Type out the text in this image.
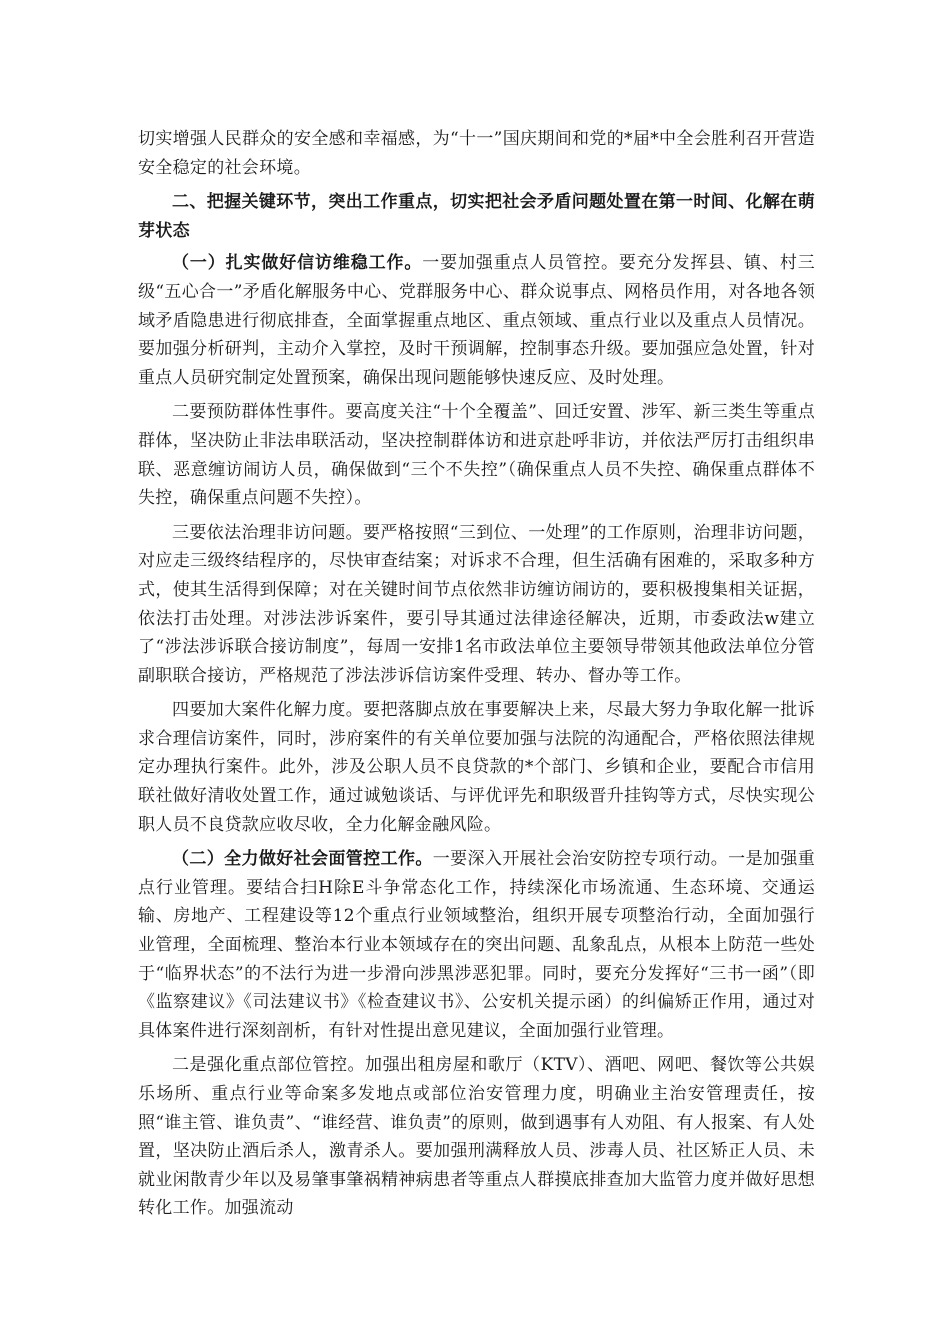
切实增强人民群众的安全感和幸福感，为“十一”国庆期间和党的*届*中全会胜利召开营造安全稳定的社会环境。

二、把握关键环节，突出工作重点，切实把社会矛盾问题处置在第一时间、化解在萌芽状态

（一）扎实做好信访维稳工作。一要加强重点人员管控。要充分发挥县、镇、村三级“五心合一”矛盾化解服务中心、党群服务中心、群众说事点、网格员作用，对各地各领域矛盾隐患进行彻底排查，全面掌握重点地区、重点领域、重点行业以及重点人员情况。要加强分析研判，主动介入掌控，及时干预调解，控制事态升级。要加强应急处置，针对重点人员研究制定处置预案，确保出现问题能够快速反应、及时处理。

二要预防群体性事件。要高度关注“十个全覆盖”、回迁安置、涉军、新三类生等重点群体，坚决防止非法串联活动，坚决控制群体访和进京赴呼非访，并依法严厉打击组织串联、恶意缠访闹访人员，确保做到“三个不失控”（确保重点人员不失控、确保重点群体不失控，确保重点问题不失控）。

三要依法治理非访问题。要严格按照“三到位、一处理”的工作原则，治理非访问题，对应走三级终结程序的，尽快审查结案；对诉求不合理，但生活确有困难的，采取多种方式，使其生活得到保障；对在关键时间节点依然非访缠访闹访的，要积极搜集相关证据，依法打击处理。对涉法涉诉案件，要引导其通过法律途径解决，近期，市委政法w建立了“涉法涉诉联合接访制度”，每周一安排1名市政法单位主要领导带领其他政法单位分管副职联合接访，严格规范了涉法涉诉信访案件受理、转办、督办等工作。

四要加大案件化解力度。要把落脚点放在事要解决上来，尽最大努力争取化解一批诉求合理信访案件，同时，涉府案件的有关单位要加强与法院的沟通配合，严格依照法律规定办理执行案件。此外，涉及公职人员不良贷款的*个部门、乡镇和企业，要配合市信用联社做好清收处置工作，通过诚勉谈话、与评优评先和职级晋升挂钩等方式，尽快实现公职人员不良贷款应收尽收，全力化解金融风险。

（二）全力做好社会面管控工作。一要深入开展社会治安防控专项行动。一是加强重点行业管理。要结合扫H除E斗争常态化工作，持续深化市场流通、生态环境、交通运输、房地产、工程建设等12个重点行业领域整治，组织开展专项整治行动，全面加强行业管理，全面梳理、整治本行业本领域存在的突出问题、乱象乱点，从根本上防范一些处于“临界状态”的不法行为进一步滑向涉黑涉恶犯罪。同时，要充分发挥好“三书一函”（即《监察建议》《司法建议书》《检查建议书》、公安机关提示函）的纠偏矫正作用，通过对具体案件进行深刻剖析，有针对性提出意见建议，全面加强行业管理。

二是强化重点部位管控。加强出租房屋和歌厅（KTV）、酒吧、网吧、餐饮等公共娱乐场所、重点行业等命案多发地点或部位治安管理力度，明确业主治安管理责任，按照“谁主管、谁负责”、“谁经营、谁负责”的原则，做到遇事有人劝阻、有人报案、有人处置，坚决防止酒后杀人，激青杀人。要加强刑满释放人员、涉毒人员、社区矫正人员、未就业闲散青少年以及易肇事肇祸精神病患者等重点人群摸底排查加大监管力度并做好思想转化工作。加强流动
